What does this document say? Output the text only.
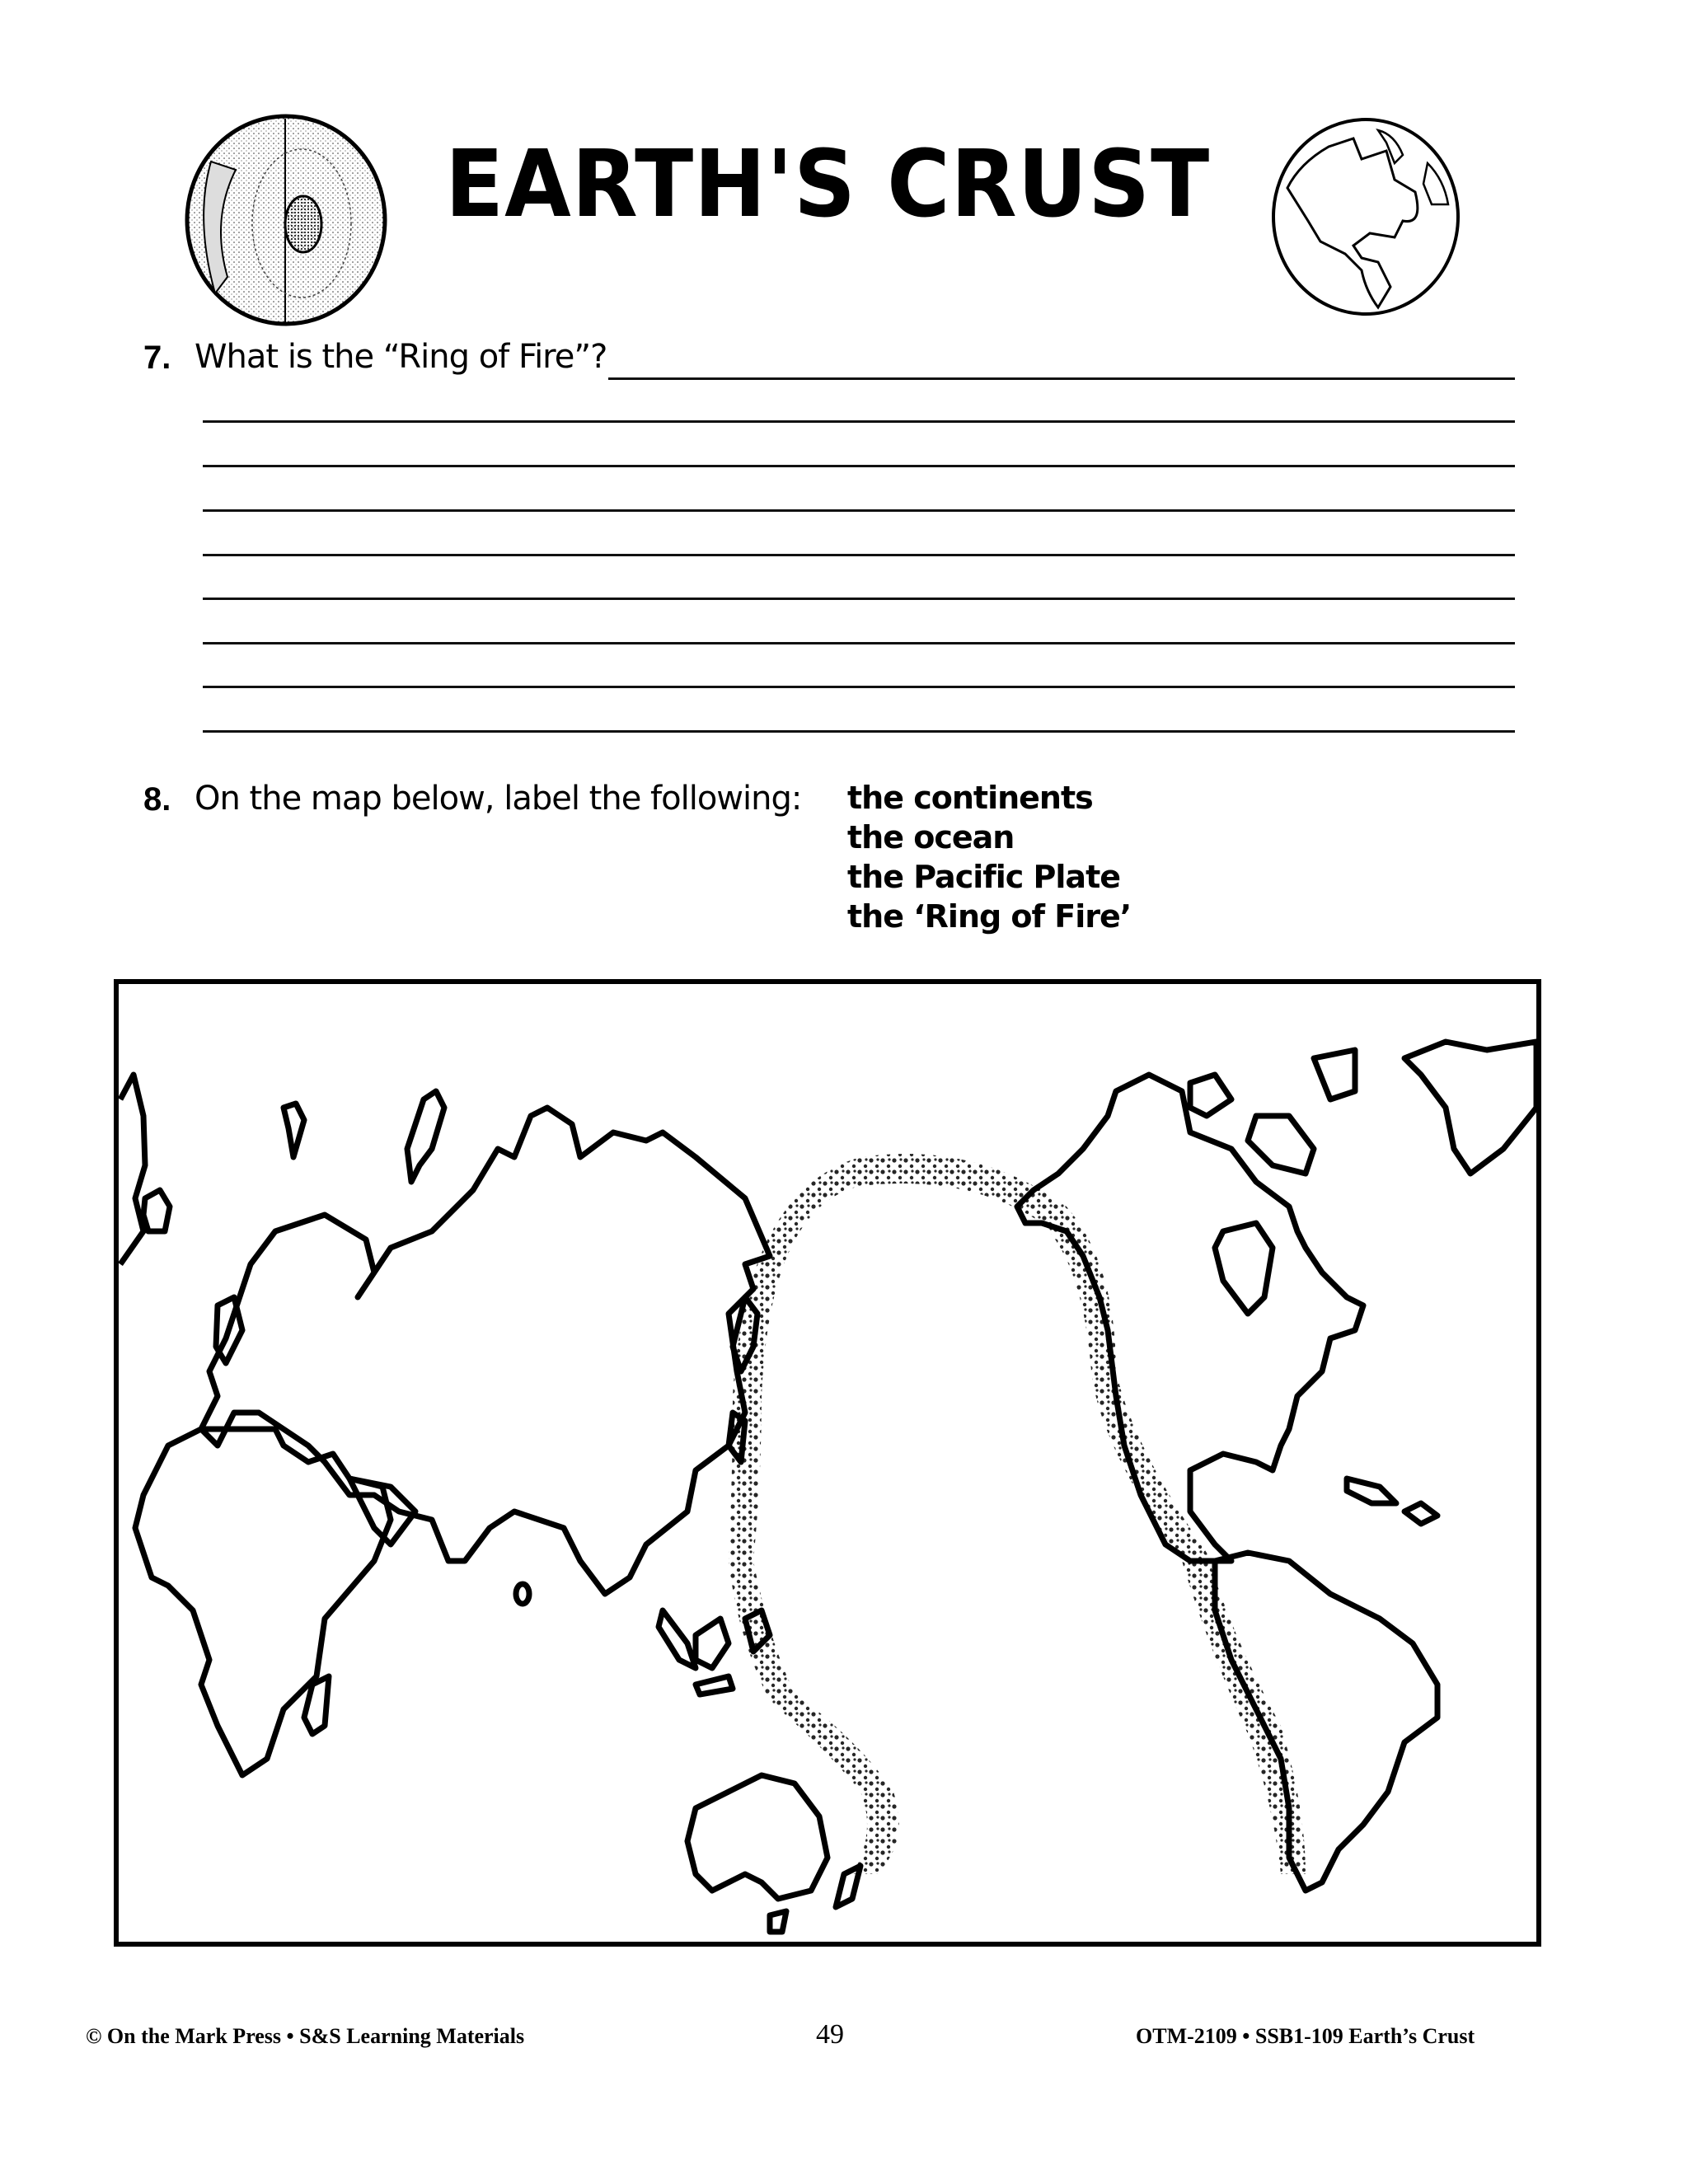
EARTH'S CRUST
7. What is the “Ring of Fire”?
8. On the map below, label the following: the continents
the ocean
the Pacific Plate
the ‘Ring of Fire’
© On the Mark Press • S&S Learning Materials	49	OTM-2109 • SSB1-109 Earth’s Crust
